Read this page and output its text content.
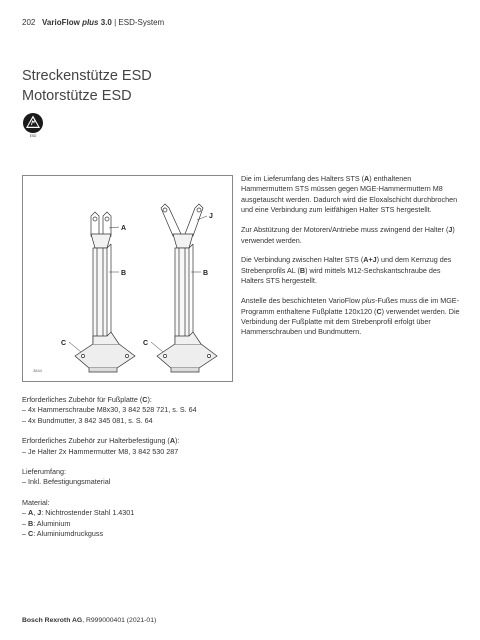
202 VarioFlow plus 3.0 | ESD-System
Streckenstütze ESD
Motorstütze ESD
ESD
A
B
C
J
B
C
3844

Die im Lieferumfang des Halters STS (A) enthaltenen Hammermuttern STS müssen gegen MGE-Hammermuttern M8 ausgetauscht werden. Dadurch wird die Eloxalschicht durchbrochen und eine Verbindung zum leitfähigen Halter STS hergestellt.

Zur Abstützung der Motoren/Antriebe muss zwingend der Halter (J) verwendet werden.

Die Verbindung zwischen Halter STS (A+J) und dem Kernzug des Strebenprofils AL (B) wird mittels M12-Sechskantschraube des Halters STS hergestellt.

Anstelle des beschichteten VarioFlow plus-Fußes muss die im MGE-Programm enthaltene Fußplatte 120x120 (C) verwendet werden. Die Verbindung der Fußplatte mit dem Strebenprofil erfolgt über Hammerschrauben und Bundmuttern.

Erforderliches Zubehör für Fußplatte (C):
– 4x Hammerschraube M8x30, 3 842 528 721, s. S. 64
– 4x Bundmutter, 3 842 345 081, s. S. 64
Erforderliches Zubehör zur Halterbefestigung (A):
– Je Halter 2x Hammermutter M8, 3 842 530 287
Lieferumfang:
– Inkl. Befestigungsmaterial
Material:
– A, J: Nichtrostender Stahl 1.4301
– B: Aluminium
– C: Aluminiumdruckguss
Bosch Rexroth AG, R999000401 (2021-01)
